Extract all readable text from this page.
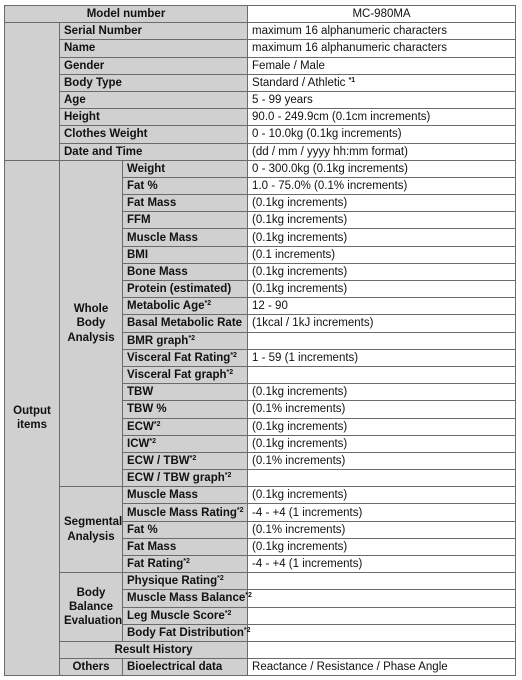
Model number			MC-980MA
	Serial Number		maximum 16 alphanumeric characters
	Name		maximum 16 alphanumeric characters
	Gender		Female / Male
	Body Type		Standard / Athletic $^{*1}$
	Age		5 - 99 years
	Height		90.0 - 249.9cm (0.1cm increments)
	Clothes Weight		0 - 10.0kg (0.1kg increments)
	Date and Time		(dd / mm / yyyy hh:mm format)
Output items	Whole Body Analysis	Weight	0 - 300.0kg (0.1kg increments)
		Fat %	1.0 - 75.0% (0.1% increments)
		Fat Mass	(0.1kg increments)
		FFM	(0.1kg increments)
		Muscle Mass	(0.1kg increments)
		BMI	(0.1 increments)
		Bone Mass	(0.1kg increments)
		Protein (estimated)	(0.1kg increments)
		Metabolic Age$^{*2}$	12 - 90
		Basal Metabolic Rate	(1kcal / 1kJ increments)
		BMR graph$^{*2}$	
		Visceral Fat Rating$^{*2}$	1 - 59 (1 increments)
		Visceral Fat graph$^{*2}$	
		TBW	(0.1kg increments)
		TBW %	(0.1% increments)
		ECW$^{*2}$	(0.1kg increments)
		ICW$^{*2}$	(0.1kg increments)
		ECW / TBW$^{*2}$	(0.1% increments)
		ECW / TBW graph$^{*2}$	
	Segmental Analysis	Muscle Mass	(0.1kg increments)
		Muscle Mass Rating$^{*2}$	-4 - +4 (1 increments)
		Fat %	(0.1% increments)
		Fat Mass	(0.1kg increments)
		Fat Rating$^{*2}$	-4 - +4 (1 increments)
	Body Balance Evaluation	Physique Rating$^{*2}$	
		Muscle Mass Balance$^{*2}$	
		Leg Muscle Score$^{*2}$	
		Body Fat Distribution$^{*2}$	
	Result History		
	Others	Bioelectrical data	Reactance / Resistance / Phase Angle
